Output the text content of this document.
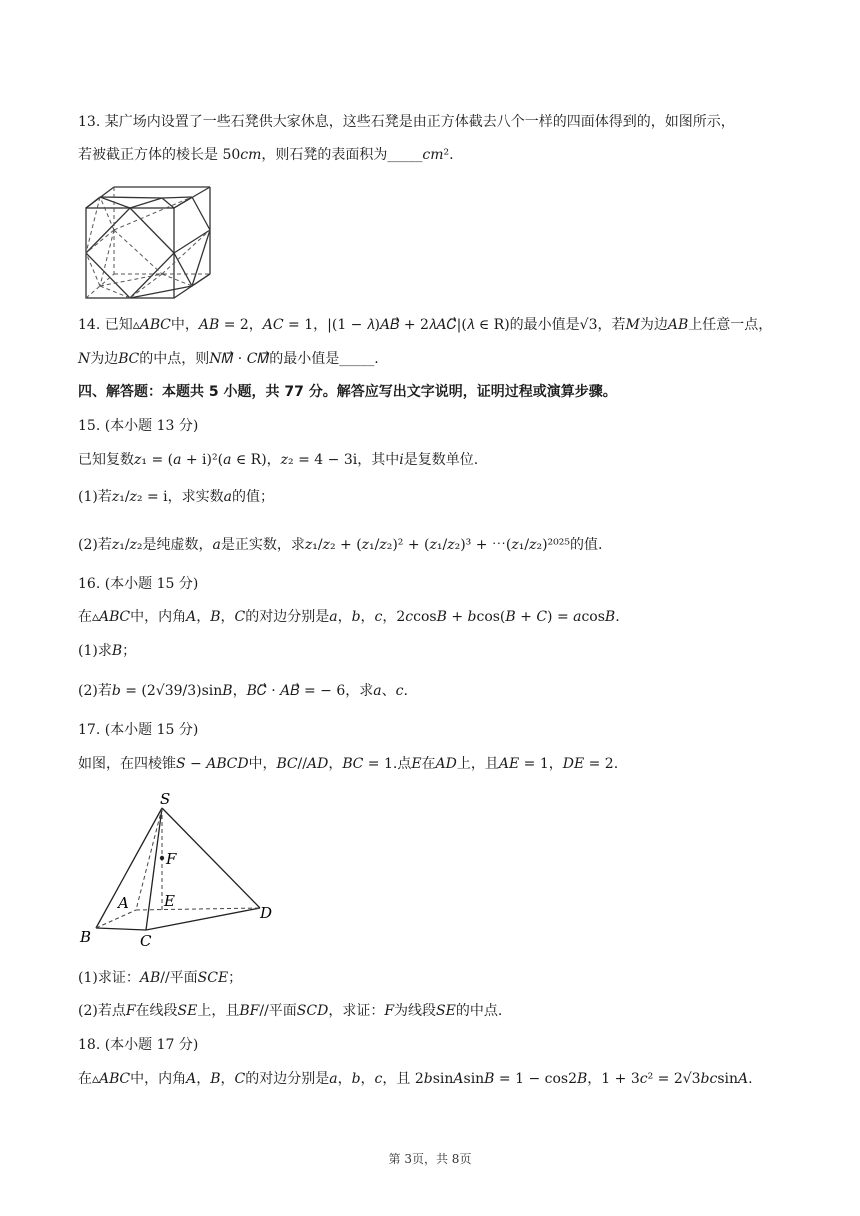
13. 某广场内设置了一些石凳供大家休息，这些石凳是由正方体截去八个一样的四面体得到的，如图所示，
若被截正方体的棱长是 50𝑐𝑚，则石凳的表面积为_____𝑐𝑚².
14. 已知▵𝐴𝐵𝐶中，𝐴𝐵 = 2，𝐴𝐶 = 1，|(1 − 𝜆)𝐴𝐵⃗ + 2𝜆𝐴𝐶⃗|(𝜆 ∈ R)的最小值是√3，若𝑀为边𝐴𝐵上任意一点，
𝑁为边𝐵𝐶的中点，则𝑁𝑀⃗ · 𝐶𝑀⃗的最小值是_____.
四、解答题：本题共 5 小题，共 77 分。解答应写出文字说明，证明过程或演算步骤。
15. (本小题 13 分)
已知复数𝑧₁ = (𝑎 + i)²(𝑎 ∈ R)，𝑧₂ = 4 − 3i，其中𝑖是复数单位.
(1)若𝑧₁/𝑧₂ = i，求实数𝑎的值；
(2)若𝑧₁/𝑧₂是纯虚数，𝑎是正实数，求𝑧₁/𝑧₂ + (𝑧₁/𝑧₂)² + (𝑧₁/𝑧₂)³ + ⋯(𝑧₁/𝑧₂)²⁰²⁵的值.
16. (本小题 15 分)
在▵𝐴𝐵𝐶中，内角𝐴，𝐵，𝐶的对边分别是𝑎，𝑏，𝑐，2𝑐cos𝐵 + 𝑏cos(𝐵 + 𝐶) = 𝑎cos𝐵.
(1)求𝐵；
(2)若𝑏 = (2√39/3)sin𝐵，𝐵𝐶⃗ · 𝐴𝐵⃗ = − 6，求𝑎、𝑐.
17. (本小题 15 分)
如图，在四棱锥𝑆 − 𝐴𝐵𝐶𝐷中，𝐵𝐶//𝐴𝐷，𝐵𝐶 = 1.点𝐸在𝐴𝐷上，且𝐴𝐸 = 1，𝐷𝐸 = 2.
S
F
A E
D
B	C
(1)求证：𝐴𝐵//平面𝑆𝐶𝐸；
(2)若点𝐹在线段𝑆𝐸上，且𝐵𝐹//平面𝑆𝐶𝐷，求证：𝐹为线段𝑆𝐸的中点.
18. (本小题 17 分)
在▵𝐴𝐵𝐶中，内角𝐴，𝐵，𝐶的对边分别是𝑎，𝑏，𝑐，且 2𝑏sin𝐴sin𝐵 = 1 − cos2𝐵，1 + 3𝑐² = 2√3𝑏𝑐sin𝐴.
第 3页，共 8页
